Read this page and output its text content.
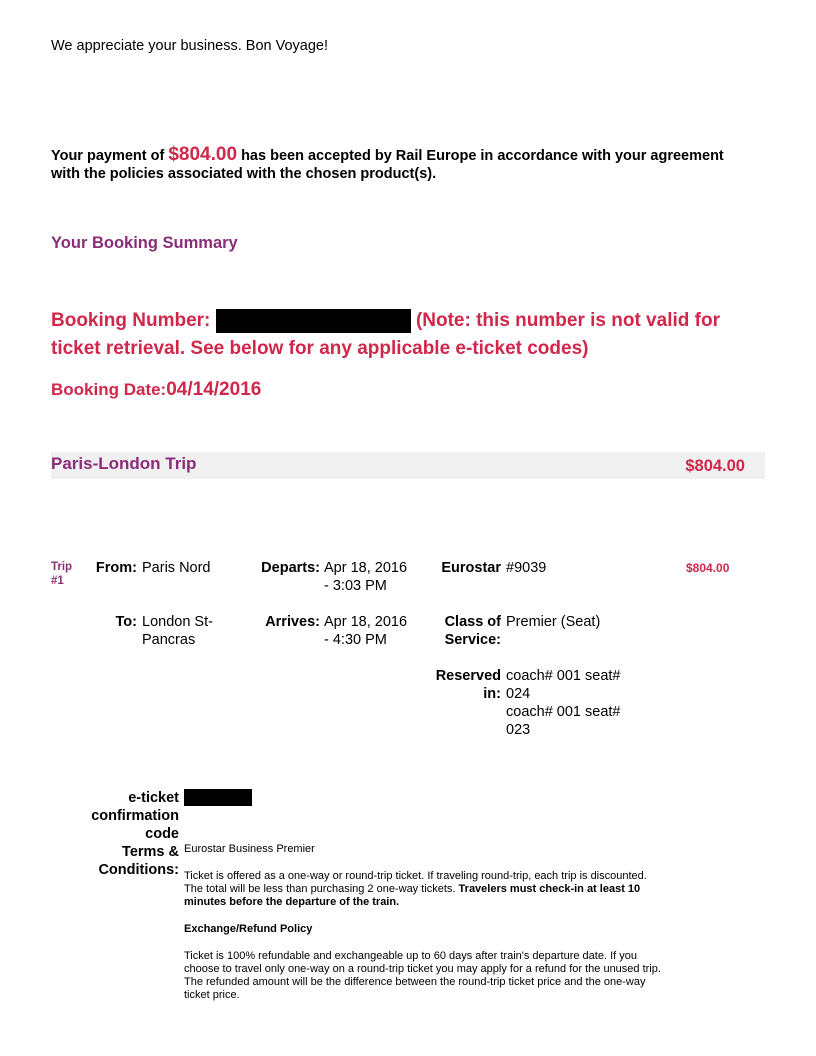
We appreciate your business. Bon Voyage!
Your payment of $804.00 has been accepted by Rail Europe in accordance with your agreement with the policies associated with the chosen product(s).
Your Booking Summary
Booking Number:	(Note: this number is not valid for ticket retrieval. See below for any applicable e-ticket codes)
Booking Date:04/14/2016
Paris-London Trip	$804.00
Trip
#1
From: Paris Nord
To: London St-Pancras
Departs: Apr 18, 2016 - 3:03 PM
Arrives: Apr 18, 2016 - 4:30 PM
Eurostar #9039
Class of Service:
Premier (Seat)
Reserved in:
coach# 001 seat# 024
coach# 001 seat# 023
$804.00
e-ticket confirmation code
Terms & Conditions:
Eurostar Business Premier
Ticket is offered as a one-way or round-trip ticket. If traveling round-trip, each trip is discounted. The total will be less than purchasing 2 one-way tickets. Travelers must check-in at least 10 minutes before the departure of the train.
Exchange/Refund Policy
Ticket is 100% refundable and exchangeable up to 60 days after train's departure date. If you choose to travel only one-way on a round-trip ticket you may apply for a refund for the unused trip. The refunded amount will be the difference between the round-trip ticket price and the one-way ticket price.
